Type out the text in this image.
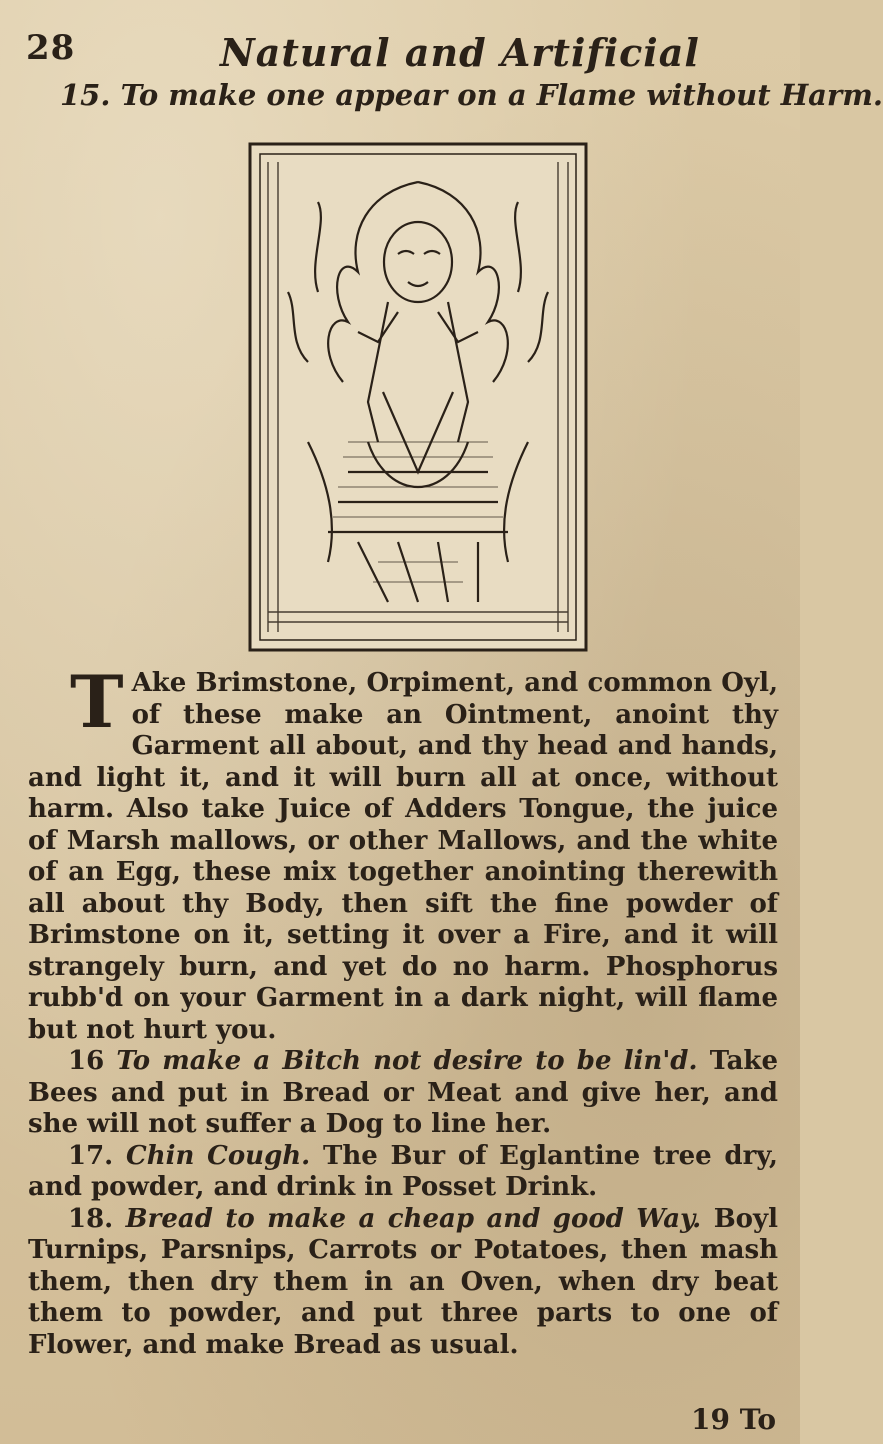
28	Natural and Artificial
15. To make one appear on a Flame without Harm.
T Ake Brimstone, Orpiment, and common Oyl, of these make an Ointment, anoint thy Garment all about, and thy head and hands, and light it, and it will burn all at once, without harm. Also take Juice of Adders Tongue, the juice of Marsh mallows, or other Mallows, and the white of an Egg, these mix together anointing therewith all about thy Body, then sift the fine powder of Brimstone on it, setting it over a Fire, and it will strangely burn, and yet do no harm. Phosphorus rubb'd on your Garment in a dark night, will flame but not hurt you.
16 To make a Bitch not desire to be lin'd. Take Bees and put in Bread or Meat and give her, and she will not suffer a Dog to line her.
17. Chin Cough. The Bur of Eglantine tree dry, and powder, and drink in Posset Drink.
18. Bread to make a cheap and good Way. Boyl Turnips, Parsnips, Carrots or Potatoes, then mash them, then dry them in an Oven, when dry beat them to powder, and put three parts to one of Flower, and make Bread as usual.
19 To
